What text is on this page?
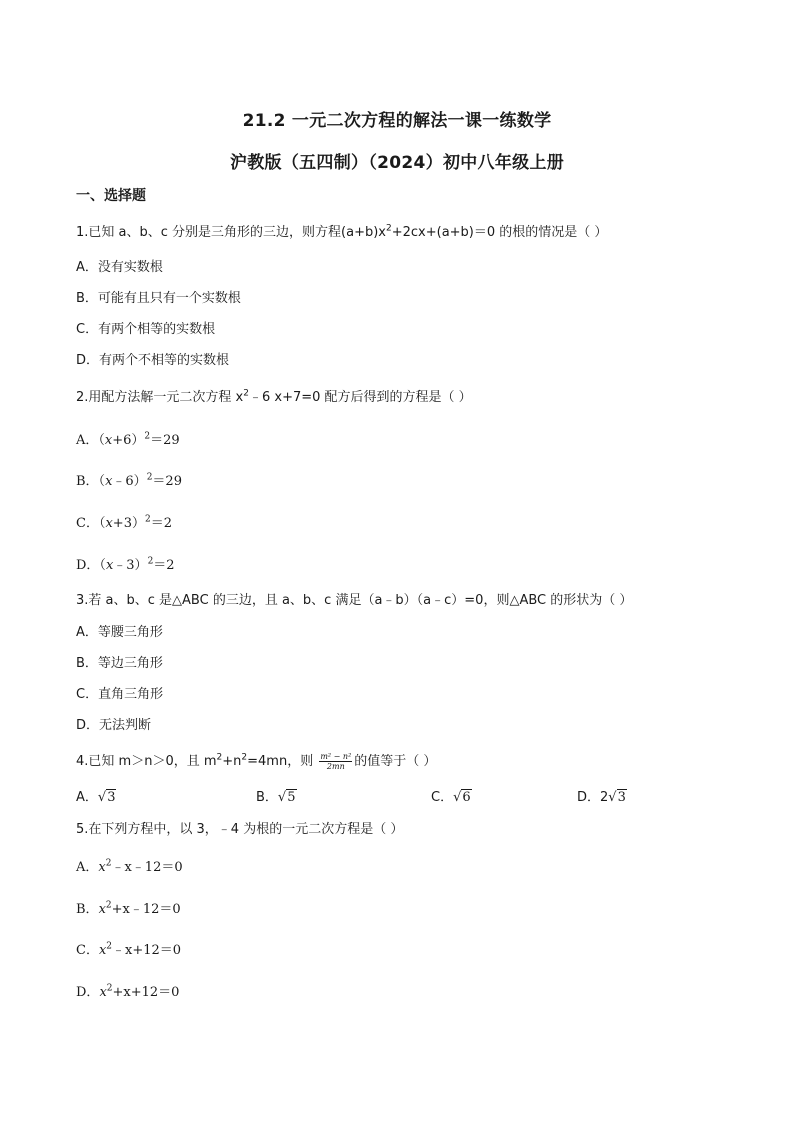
21.2 一元二次方程的解法一课一练数学
沪教版（五四制）（2024）初中八年级上册
一、选择题
1.已知 a、b、c 分别是三角形的三边，则方程$(a+b)x^2+2cx+(a+b)=0$ 的根的情况是（ ）
A．没有实数根
B．可能有且只有一个实数根
C．有两个相等的实数根
D．有两个不相等的实数根
2.用配方法解一元二次方程 $x^2﹣6$ x+7=0 配方后得到的方程是（ ）
A．$(x+6)^2=29$
B．（x﹣6）$^2$＝29
C．$(x+3)^2=2$
D．（x﹣3）$^2$＝2
3.若 a、b、c 是△ABC 的三边，且 a、b、c 满足（a﹣b）（a﹣c）=0，则△ABC 的形状为（ ）
A．等腰三角形
B．等边三角形
C．直角三角形
D．无法判断
4.已知 m＞n＞0，且 $m^2+n^2=4mn$，则 $\frac{\text{m² − n²}}{2mn}$ 的值等于（ ）
A．√3	B．√5	C．√6	D．2√3
5.在下列方程中，以 3，﹣4 为根的一元二次方程是（ ）
A．$x^2﹣x﹣12=0$
B．$x^2+x﹣12=0$
C．$x^2﹣x+12=0$
D．$x^2+x+12=0$
